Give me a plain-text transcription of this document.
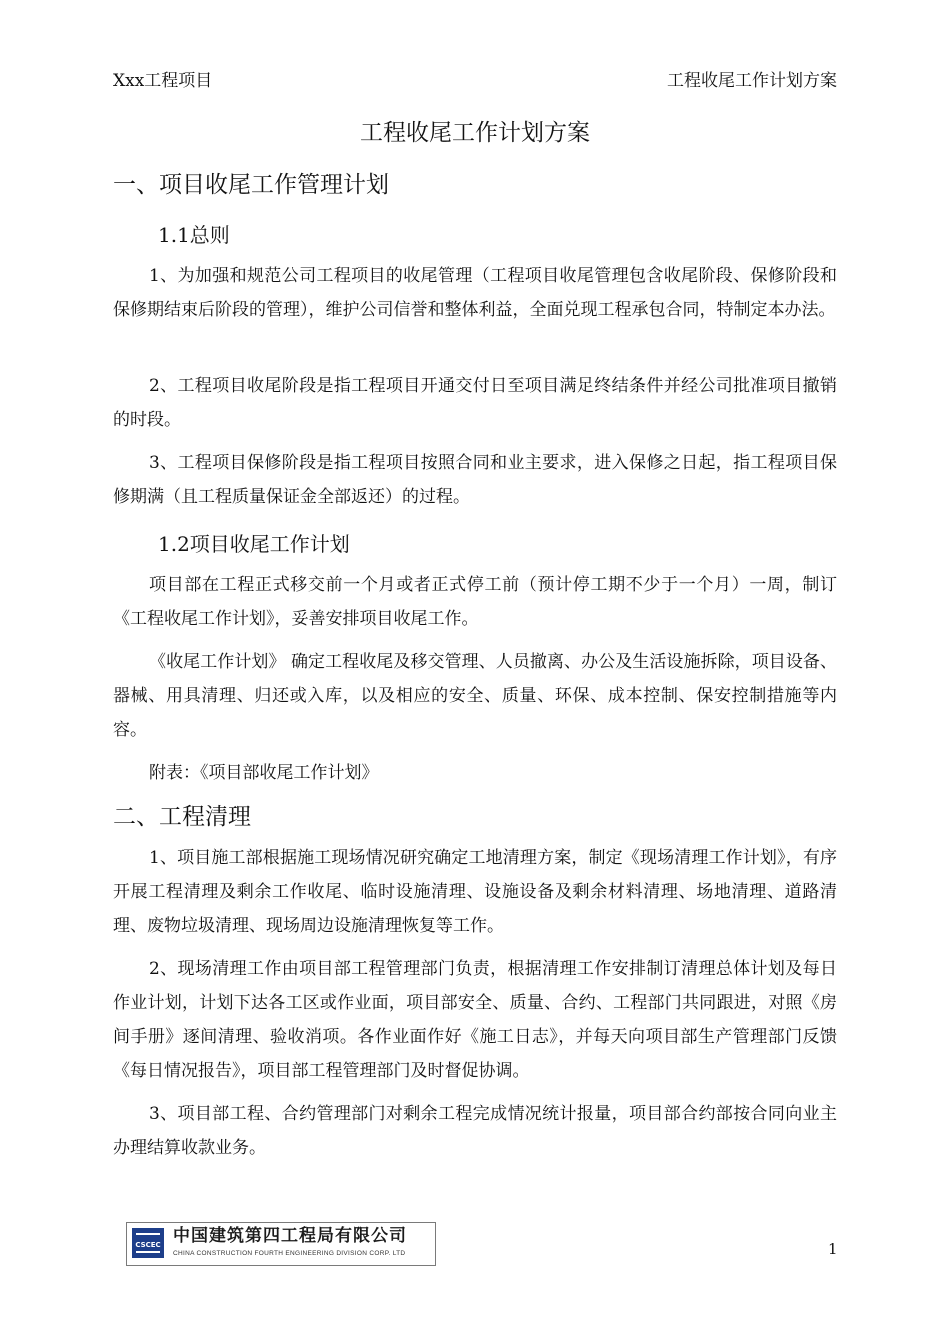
Xxx工程项目	工程收尾工作计划方案
工程收尾工作计划方案
一、项目收尾工作管理计划
1.1总则
1、为加强和规范公司工程项目的收尾管理（工程项目收尾管理包含收尾阶段、保修阶段和保修期结束后阶段的管理），维护公司信誉和整体利益，全面兑现工程承包合同，特制定本办法。
2、工程项目收尾阶段是指工程项目开通交付日至项目满足终结条件并经公司批准项目撤销的时段。
3、工程项目保修阶段是指工程项目按照合同和业主要求，进入保修之日起，指工程项目保修期满（且工程质量保证金全部返还）的过程。
1.2项目收尾工作计划
项目部在工程正式移交前一个月或者正式停工前（预计停工期不少于一个月）一周，制订《工程收尾工作计划》，妥善安排项目收尾工作。
《收尾工作计划》 确定工程收尾及移交管理、人员撤离、办公及生活设施拆除，项目设备、器械、用具清理、归还或入库，以及相应的安全、质量、环保、成本控制、保安控制措施等内容。
附表：《项目部收尾工作计划》
二、工程清理
1、项目施工部根据施工现场情况研究确定工地清理方案，制定《现场清理工作计划》，有序开展工程清理及剩余工作收尾、临时设施清理、设施设备及剩余材料清理、场地清理、道路清理、废物垃圾清理、现场周边设施清理恢复等工作。
2、现场清理工作由项目部工程管理部门负责，根据清理工作安排制订清理总体计划及每日作业计划，计划下达各工区或作业面，项目部安全、质量、合约、工程部门共同跟进，对照《房间手册》逐间清理、验收消项。各作业面作好《施工日志》，并每天向项目部生产管理部门反馈《每日情况报告》，项目部工程管理部门及时督促协调。
3、项目部工程、合约管理部门对剩余工程完成情况统计报量，项目部合约部按合同向业主办理结算收款业务。
CSCEC 中国建筑第四工程局有限公司
CHINA CONSTRUCTION FOURTH ENGINEERING DIVISION CORP. LTD	1
